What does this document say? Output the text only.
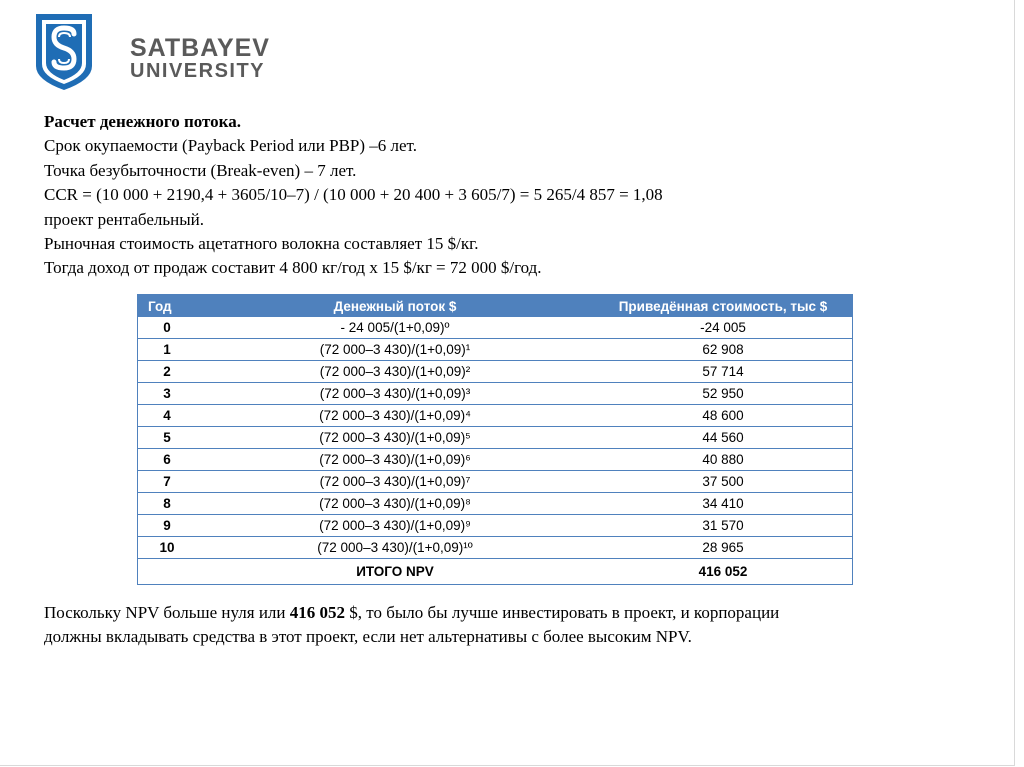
SATBAYEV
UNIVERSITY
Расчет денежного потока.
Срок окупаемости (Payback Period или PBP) –6 лет.
Точка безубыточности (Break-even) – 7 лет.
CCR = (10 000 + 2190,4 + 3605/10–7) / (10 000 + 20 400 + 3 605/7) = 5 265/4 857 = 1,08
проект рентабельный.
Рыночная стоимость ацетатного волокна составляет 15 $/кг.
Тогда доход от продаж составит 4 800 кг/год х 15 $/кг = 72 000 $/год.
Год	Денежный поток $	Приведённая стоимость, тыс $
0	- 24 005/(1+0,09)º	-24 005
1	(72 000–3 430)/(1+0,09)¹	62 908
2	(72 000–3 430)/(1+0,09)²	57 714
3	(72 000–3 430)/(1+0,09)³	52 950
4	(72 000–3 430)/(1+0,09)⁴	48 600
5	(72 000–3 430)/(1+0,09)⁵	44 560
6	(72 000–3 430)/(1+0,09)⁶	40 880
7	(72 000–3 430)/(1+0,09)⁷	37 500
8	(72 000–3 430)/(1+0,09)⁸	34 410
9	(72 000–3 430)/(1+0,09)⁹	31 570
10	(72 000–3 430)/(1+0,09)¹º	28 965
	ИТОГО NPV	416 052
Поскольку NPV больше нуля или 416 052 $, то было бы лучше инвестировать в проект, и корпорации
должны вкладывать средства в этот проект, если нет альтернативы с более высоким NPV.
